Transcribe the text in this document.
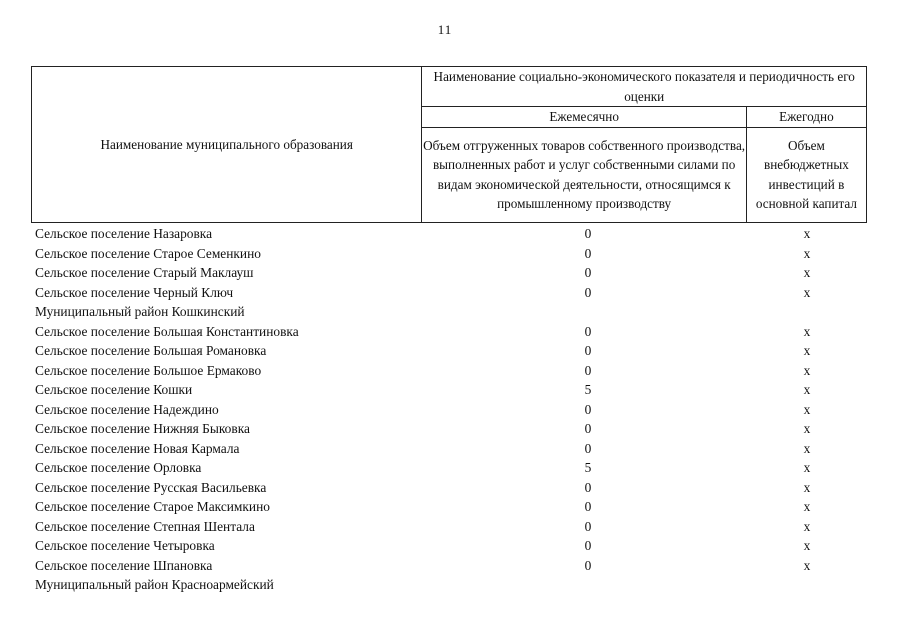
11
Наименование муниципального образования	Наименование социально-экономического показателя и периодичность его оценки	
	Ежемесячно	Ежегодно
	Объем отгруженных товаров собственного производства, выполненных работ и услуг собственными силами по видам экономической деятельности, относящимся к промышленному производству	Объем внебюджетных инвестиций в основной капитал
Сельское поселение Назаровка	0	x
Сельское поселение Старое Семенкино	0	x
Сельское поселение Старый Маклауш	0	x
Сельское поселение Черный Ключ	0	x
Муниципальный район Кошкинский
Сельское поселение Большая Константиновка	0	x
Сельское поселение Большая Романовка	0	x
Сельское поселение Большое Ермаково	0	x
Сельское поселение Кошки	5	x
Сельское поселение Надеждино	0	x
Сельское поселение Нижняя Быковка	0	x
Сельское поселение Новая Кармала	0	x
Сельское поселение Орловка	5	x
Сельское поселение Русская Васильевка	0	x
Сельское поселение Старое Максимкино	0	x
Сельское поселение Степная Шентала	0	x
Сельское поселение Четыровка	0	x
Сельское поселение Шпановка	0	x
Муниципальный район Красноармейский
